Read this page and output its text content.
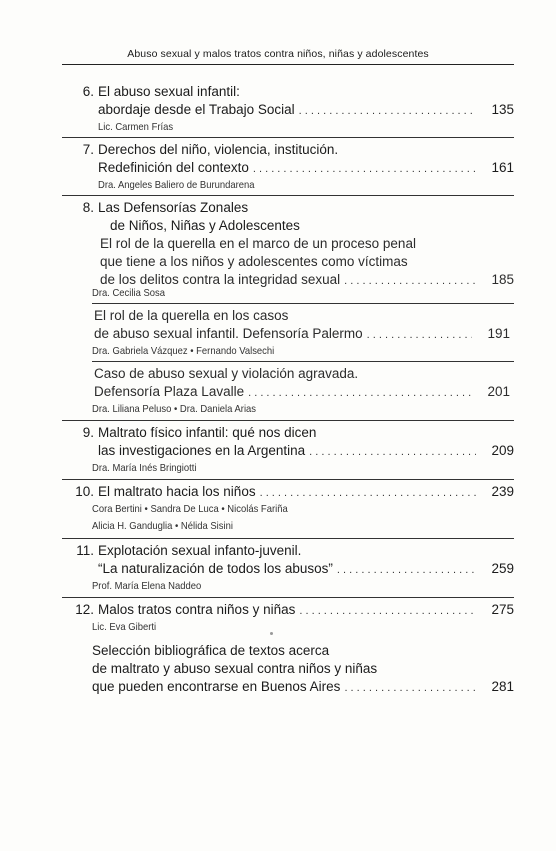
Abuso sexual y malos tratos contra niños, niñas y adolescentes
6. El abuso sexual infantil:
abordaje desde el Trabajo Social . . .	135
Lic. Carmen Frías
7. Derechos del niño, violencia, institución.
Redefinición del contexto . . .	161
Dra. Angeles Baliero de Burundarena
8. Las Defensorías Zonales
de Niños, Niñas y Adolescentes
El rol de la querella en el marco de un proceso penal
que tiene a los niños y adolescentes como víctimas
de los delitos contra la integridad sexual . . .	185
Dra. Cecilia Sosa
El rol de la querella en los casos
de abuso sexual infantil. Defensoría Palermo . . .	191
Dra. Gabriela Vázquez • Fernando Valsechi
Caso de abuso sexual y violación agravada.
Defensoría Plaza Lavalle . . .	201
Dra. Liliana Peluso • Dra. Daniela Arias
9. Maltrato físico infantil: qué nos dicen
las investigaciones en la Argentina . . .	209
Dra. María Inés Bringiotti
10. El maltrato hacia los niños . . .	239
Cora Bertini • Sandra De Luca • Nicolás Fariña
Alicia H. Ganduglia • Nélida Sisini
11. Explotación sexual infanto-juvenil.
“La naturalización de todos los abusos” . . .	259
Prof. María Elena Naddeo
12. Malos tratos contra niños y niñas . . .	275
Lic. Eva Giberti
Selección bibliográfica de textos acerca
de maltrato y abuso sexual contra niños y niñas
que pueden encontrarse en Buenos Aires . . .	281
